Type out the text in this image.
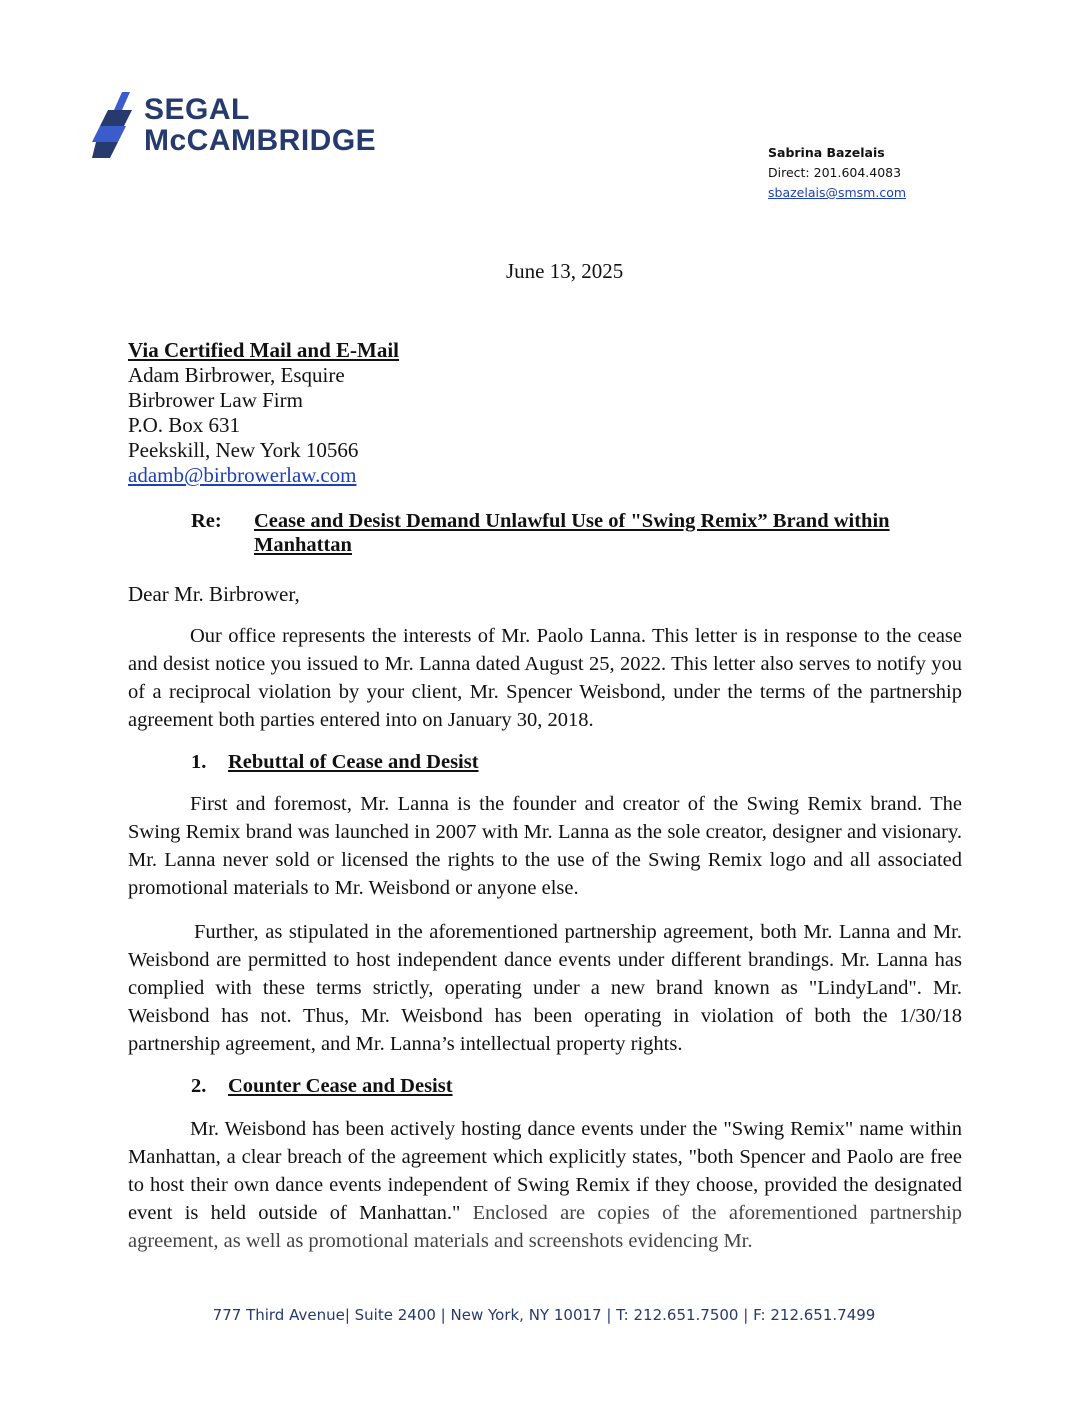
SEGAL
McCAMBRIDGE	Sabrina Bazelais
Direct: 201.604.4083
sbazelais@smsm.com
June 13, 2025
Via Certified Mail and E-Mail
Adam Birbrower, Esquire
Birbrower Law Firm
P.O. Box 631
Peekskill, New York 10566
adamb@birbrowerlaw.com
Re:	Cease and Desist Demand Unlawful Use of "Swing Remix” Brand within Manhattan
Dear Mr. Birbrower,
Our office represents the interests of Mr. Paolo Lanna. This letter is in response to the cease and desist notice you issued to Mr. Lanna dated August 25, 2022. This letter also serves to notify you of a reciprocal violation by your client, Mr. Spencer Weisbond, under the terms of the partnership agreement both parties entered into on January 30, 2018.
1. Rebuttal of Cease and Desist
First and foremost, Mr. Lanna is the founder and creator of the Swing Remix brand. The Swing Remix brand was launched in 2007 with Mr. Lanna as the sole creator, designer and visionary. Mr. Lanna never sold or licensed the rights to the use of the Swing Remix logo and all associated promotional materials to Mr. Weisbond or anyone else.
Further, as stipulated in the aforementioned partnership agreement, both Mr. Lanna and Mr. Weisbond are permitted to host independent dance events under different brandings. Mr. Lanna has complied with these terms strictly, operating under a new brand known as "LindyLand". Mr. Weisbond has not. Thus, Mr. Weisbond has been operating in violation of both the 1/30/18 partnership agreement, and Mr. Lanna’s intellectual property rights.
2. Counter Cease and Desist
Mr. Weisbond has been actively hosting dance events under the "Swing Remix" name within Manhattan, a clear breach of the agreement which explicitly states, "both Spencer and Paolo are free to host their own dance events independent of Swing Remix if they choose, provided the designated event is held outside of Manhattan." Enclosed are copies of the aforementioned partnership agreement, as well as promotional materials and screenshots evidencing Mr.
777 Third Avenue| Suite 2400 | New York, NY 10017 | T: 212.651.7500 | F: 212.651.7499
